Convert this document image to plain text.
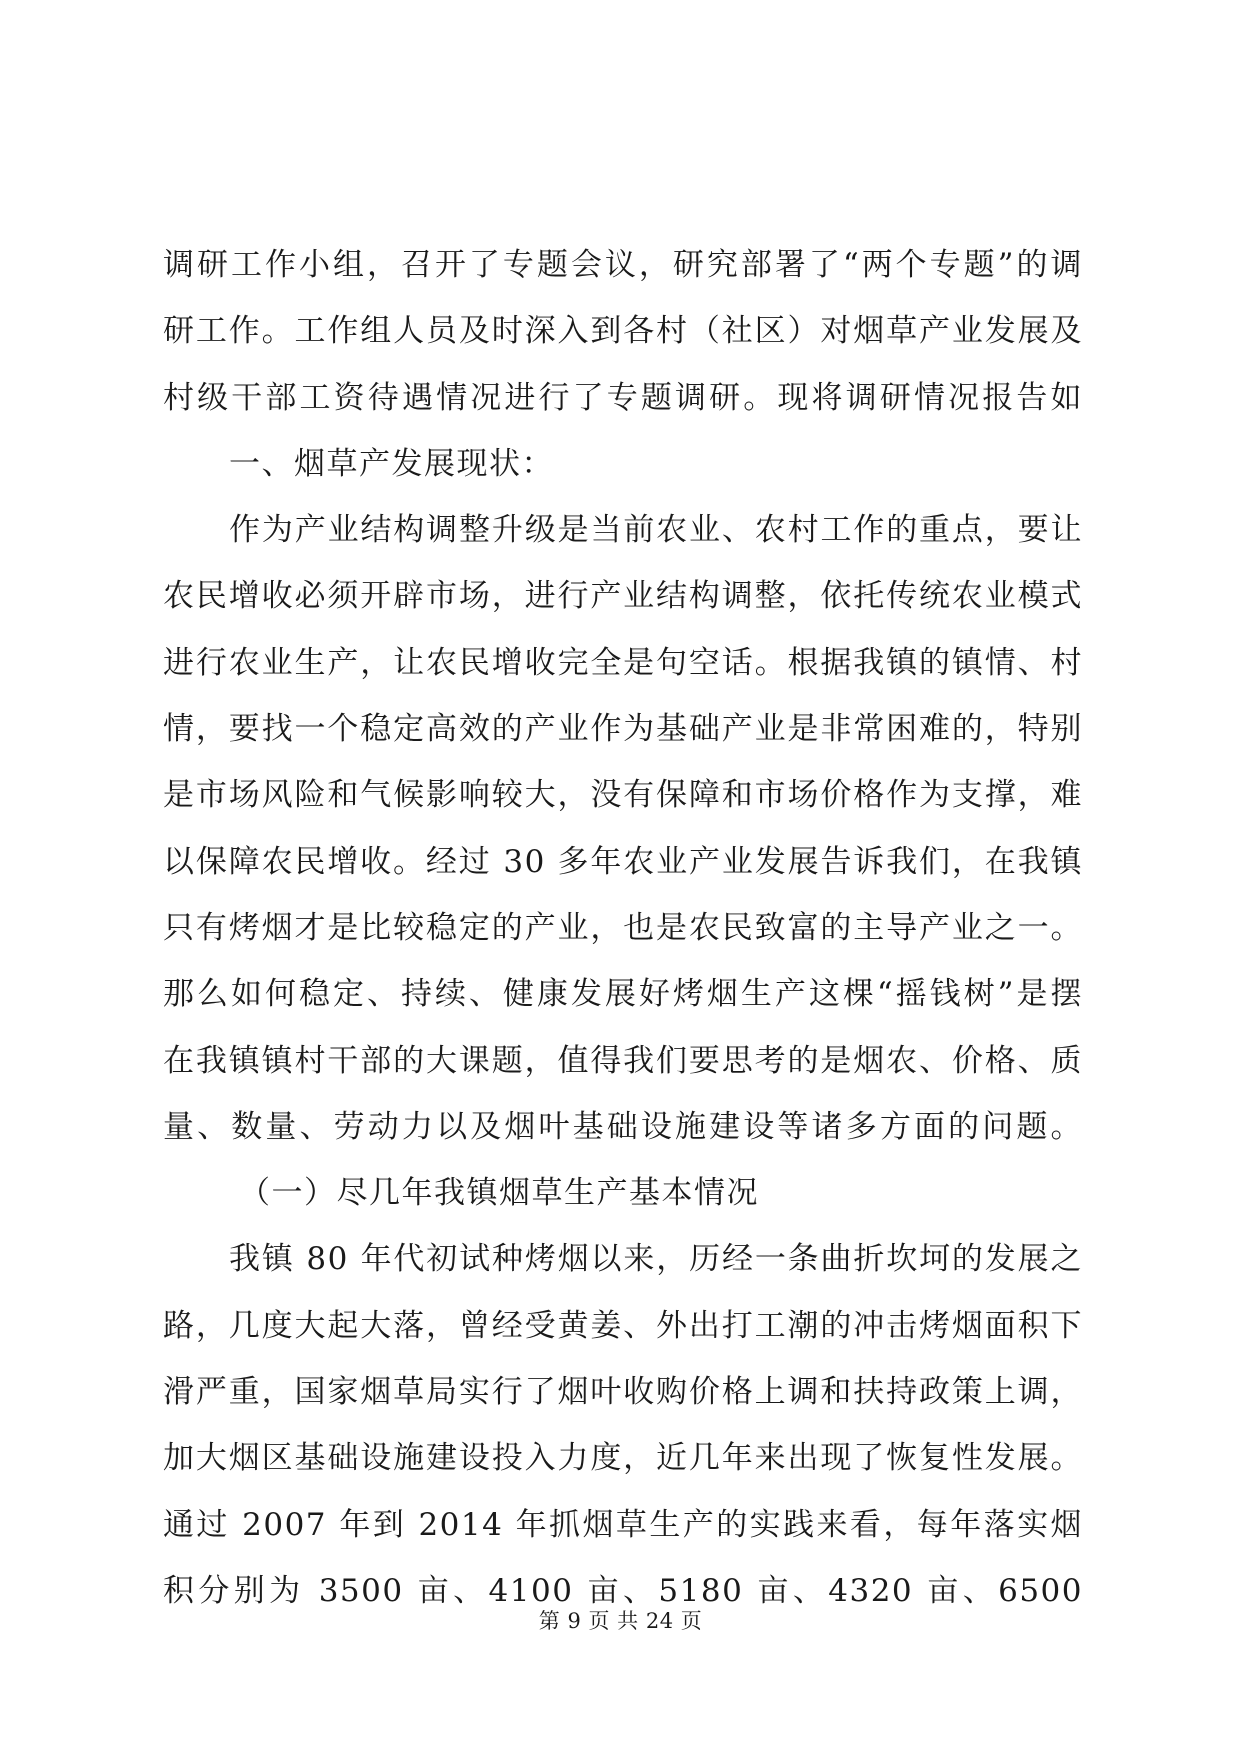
调研工作小组，召开了专题会议，研究部署了“两个专题”的调
研工作。工作组人员及时深入到各村（社区）对烟草产业发展及
村级干部工资待遇情况进行了专题调研。现将调研情况报告如
一、烟草产发展现状：
作为产业结构调整升级是当前农业、农村工作的重点，要让
农民增收必须开辟市场，进行产业结构调整，依托传统农业模式
进行农业生产，让农民增收完全是句空话。根据我镇的镇情、村
情，要找一个稳定高效的产业作为基础产业是非常困难的，特别
是市场风险和气候影响较大，没有保障和市场价格作为支撑，难
以保障农民增收。经过 30 多年农业产业发展告诉我们，在我镇
只有烤烟才是比较稳定的产业，也是农民致富的主导产业之一。
那么如何稳定、持续、健康发展好烤烟生产这棵“摇钱树”是摆
在我镇镇村干部的大课题，值得我们要思考的是烟农、价格、质
量、数量、劳动力以及烟叶基础设施建设等诸多方面的问题。
（一）尽几年我镇烟草生产基本情况
我镇 80 年代初试种烤烟以来，历经一条曲折坎坷的发展之
路，几度大起大落，曾经受黄姜、外出打工潮的冲击烤烟面积下
滑严重，国家烟草局实行了烟叶收购价格上调和扶持政策上调，
加大烟区基础设施建设投入力度，近几年来出现了恢复性发展。
通过 2007 年到 2014 年抓烟草生产的实践来看，每年落实烟
积分别为 3500 亩、4100 亩、5180 亩、4320 亩、6500
第 9 页 共 24 页
